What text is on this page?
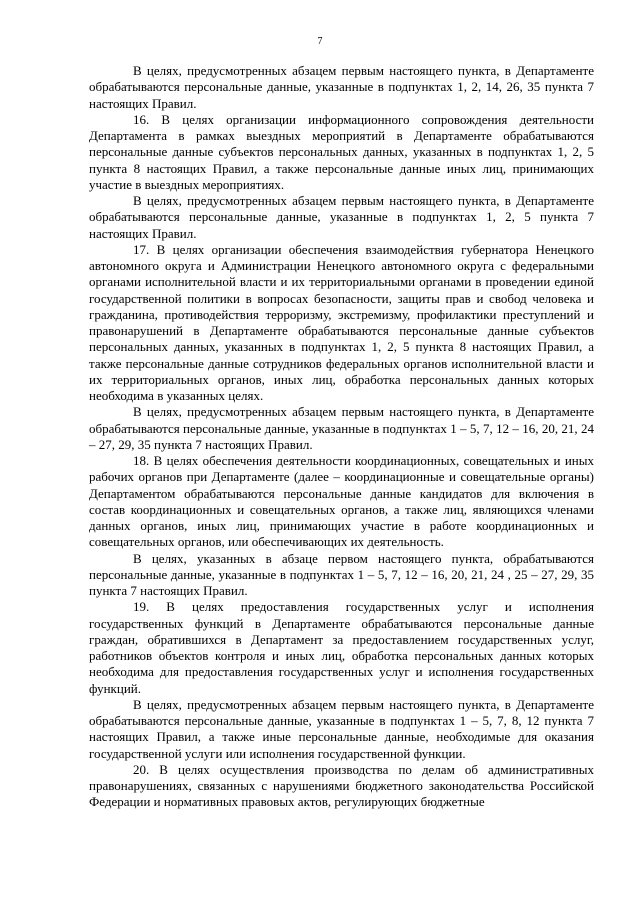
7

В целях, предусмотренных абзацем первым настоящего пункта, в Департаменте обрабатываются персональные данные, указанные в подпунктах 1, 2, 14, 26, 35 пункта 7 настоящих Правил.

16. В целях организации информационного сопровождения деятельности Департамента в рамках выездных мероприятий в Департаменте обрабатываются персональные данные субъектов персональных данных, указанных в подпунктах 1, 2, 5 пункта 8 настоящих Правил, а также персональные данные иных лиц, принимающих участие в выездных мероприятиях.

В целях, предусмотренных абзацем первым настоящего пункта, в Департаменте обрабатываются персональные данные, указанные в подпунктах 1, 2, 5 пункта 7 настоящих Правил.

17. В целях организации обеспечения взаимодействия губернатора Ненецкого автономного округа и Администрации Ненецкого автономного округа с федеральными органами исполнительной власти и их территориальными органами в проведении единой государственной политики в вопросах безопасности, защиты прав и свобод человека и гражданина, противодействия терроризму, экстремизму, профилактики преступлений и правонарушений в Департаменте обрабатываются персональные данные субъектов персональных данных, указанных в подпунктах 1, 2, 5 пункта 8 настоящих Правил, а также персональные данные сотрудников федеральных органов исполнительной власти и их территориальных органов, иных лиц, обработка персональных данных которых необходима в указанных целях.

В целях, предусмотренных абзацем первым настоящего пункта, в Департаменте обрабатываются персональные данные, указанные в подпунктах 1 – 5, 7, 12 – 16, 20, 21, 24 – 27, 29, 35 пункта 7 настоящих Правил.

18. В целях обеспечения деятельности координационных, совещательных и иных рабочих органов при Департаменте (далее – координационные и совещательные органы) Департаментом обрабатываются персональные данные кандидатов для включения в состав координационных и совещательных органов, а также лиц, являющихся членами данных органов, иных лиц, принимающих участие в работе координационных и совещательных органов, или обеспечивающих их деятельность.

В целях, указанных в абзаце первом настоящего пункта, обрабатываются персональные данные, указанные в подпунктах 1 – 5, 7, 12 – 16, 20, 21, 24 , 25 – 27, 29, 35 пункта 7 настоящих Правил.

19. В целях предоставления государственных услуг и исполнения государственных функций в Департаменте обрабатываются персональные данные граждан, обратившихся в Департамент за предоставлением государственных услуг, работников объектов контроля и иных лиц, обработка персональных данных которых необходима для предоставления государственных услуг и исполнения государственных функций.

В целях, предусмотренных абзацем первым настоящего пункта, в Департаменте обрабатываются персональные данные, указанные в подпунктах 1 – 5, 7, 8, 12 пункта 7 настоящих Правил, а также иные персональные данные, необходимые для оказания государственной услуги или исполнения государственной функции.

20. В целях осуществления производства по делам об административных правонарушениях, связанных с нарушениями бюджетного законодательства Российской Федерации и нормативных правовых актов, регулирующих бюджетные
